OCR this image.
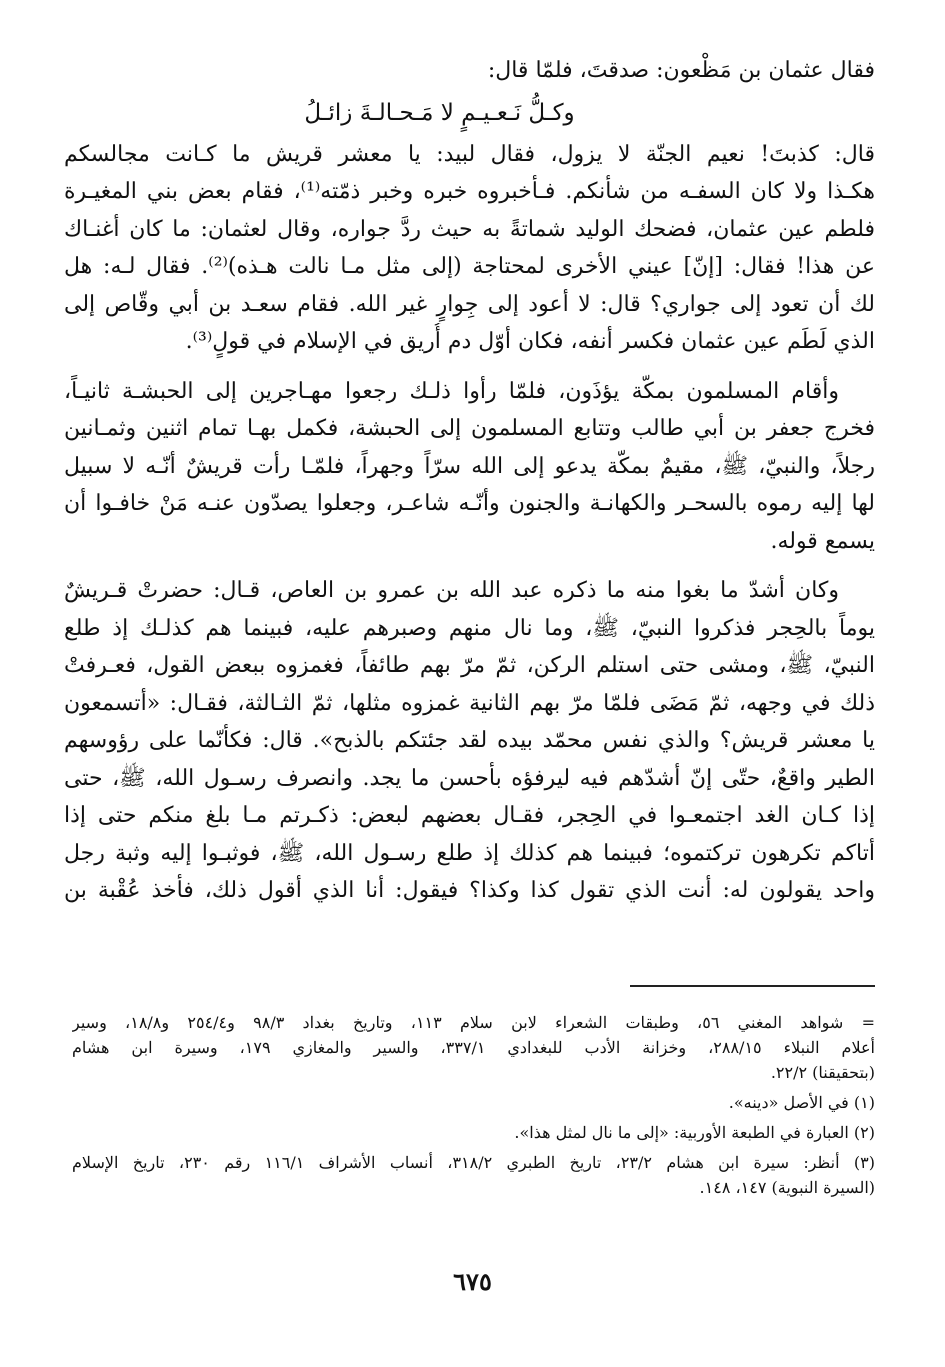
فقال عثمان بن مَظْعون: صدقتَ، فلمّا قال:
وكـلُّ نَـعـيـمٍ لا مَـحـالـةَ زائـلُ
قال: كذبتَ! نعيم الجنّة لا يزول، فقال لبيد: يا معشر قريش ما كـانت مجالسكم
هكـذا ولا كان السفـه من شأنكم. فـأخبروه خبره وخبر ذمّته⁽¹⁾، فقام بعض بني المغيـرة
فلطم عين عثمان، فضحك الوليد شماتةً به حيث ردَّ جواره، وقال لعثمان: ما كان أغنـاك
عن هذا! فقال: [إنّ] عيني الأخرى لمحتاجة (إلى مثل مـا نالت هـذه)⁽²⁾. فقال لـه: هل
لك أن تعود إلى جواري؟ قال: لا أعود إلى جِوارٍ غير الله. فقام سعـد بن أبي وقّاص إلى
الذي لَطَم عين عثمان فكسر أنفه، فكان أوّل دم أُريق في الإسلام في قولٍ⁽³⁾.
وأقام المسلمون بمكّة يؤذَون، فلمّا رأوا ذلـك رجعوا مهـاجرين إلى الحبشـة ثانيـاً،
فخرج جعفر بن أبي طالب وتتابع المسلمون إلى الحبشة، فكمل بهـا تمام اثنين وثمـانين
رجلاً، والنبيّ، ﷺ، مقيمٌ بمكّة يدعو إلى الله سرّاً وجهراً، فلمّـا رأت قريشٌ أنّـه لا سبيل
لها إليه رموه بالسحـر والكهانـة والجنون وأنّـه شاعـر، وجعلوا يصدّون عنـه مَنْ خافـوا أن
يسمع قوله.
وكان أشدّ ما بغوا منه ما ذكره عبد الله بن عمرو بن العاص، قـال: حضرتْ قـريشٌ
يوماً بالحِجر فذكروا النبيّ، ﷺ، وما نال منهم وصبرهم عليه، فبينما هم كذلـك إذ طلع
النبيّ، ﷺ، ومشى حتى استلم الركن، ثمّ مرّ بهم طائفاً، فغمزوه ببعض القول، فعـرفتْ
ذلك في وجهه، ثمّ مَضَى فلمّا مرّ بهم الثانية غمزوه مثلها، ثمّ الثـالثة، فقـال: «أتسمعون
يا معشر قريش؟ والذي نفس محمّد بيده لقد جئتكم بالذبح». قال: فكأنّما على رؤوسهم
الطير واقعٌ، حتّى إنّ أشدّهم فيه ليرفؤه بأحسن ما يجد. وانصرف رسـول الله، ﷺ، حتى
إذا كـان الغد اجتمعـوا في الحِجر، فقـال بعضهم لبعض: ذكـرتم مـا بلغ منكم حتى إذا
أتاكم تكرهون تركتموه؛ فبينما هم كذلك إذ طلع رسـول الله، ﷺ، فوثبـوا إليه وثبة رجل
واحد يقولون له: أنت الذي تقول كذا وكذا؟ فيقول: أنا الذي أقول ذلك، فأخذ عُقْبة بن
= شواهد المغني ٥٦، وطبقات الشعراء لابن سلام ١١٣، وتاريخ بغداد ٩٨/٣ و٢٥٤/٤ و١٨/٨، وسير
أعلام النبلاء ٢٨٨/١٥، وخزانة الأدب للبغدادي ٣٣٧/١، والسير والمغازي ١٧٩، وسيرة ابن هشام
(بتحقيقنا) ٢٢/٢.
(١) في الأصل «دينه».
(٢) العبارة في الطبعة الأوربية: «إلى ما نال لمثل هذا».
(٣) أنظر: سيرة ابن هشام ٢٣/٢، تاريخ الطبري ٣١٨/٢، أنساب الأشراف ١١٦/١ رقم ٢٣٠، تاريخ الإسلام
(السيرة النبوية) ١٤٧، ١٤٨.
٦٧٥
